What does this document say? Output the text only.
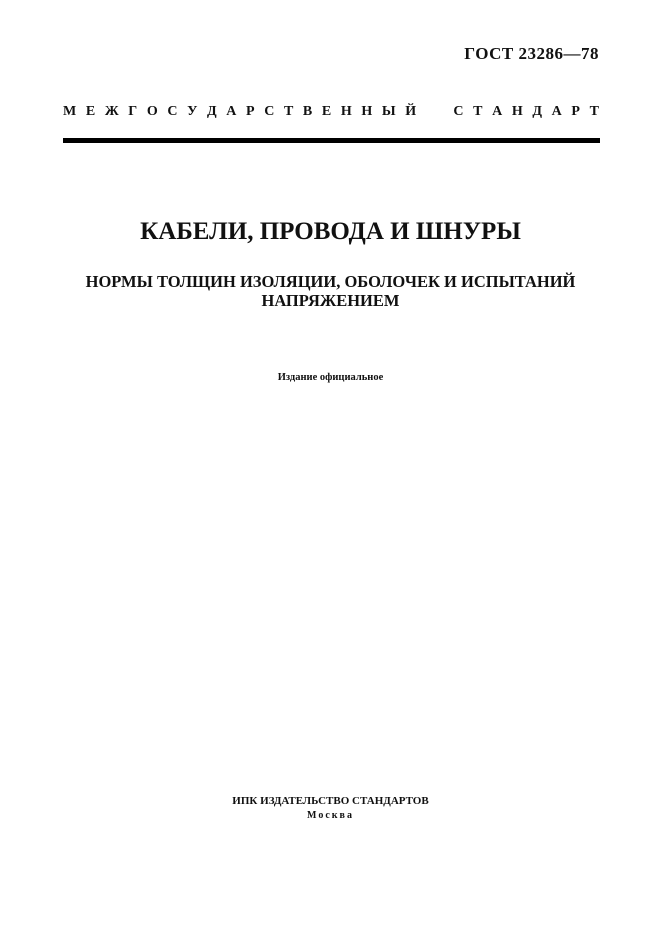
ГОСТ 23286—78
М Е Ж Г О С У Д А Р С Т В Е Н Н Ы Й	С Т А Н Д А Р Т
КАБЕЛИ, ПРОВОДА И ШНУРЫ
НОРМЫ ТОЛЩИН ИЗОЛЯЦИИ, ОБОЛОЧЕК И ИСПЫТАНИЙ
НАПРЯЖЕНИЕМ
Издание официальное
ИПК ИЗДАТЕЛЬСТВО СТАНДАРТОВ
Москва
